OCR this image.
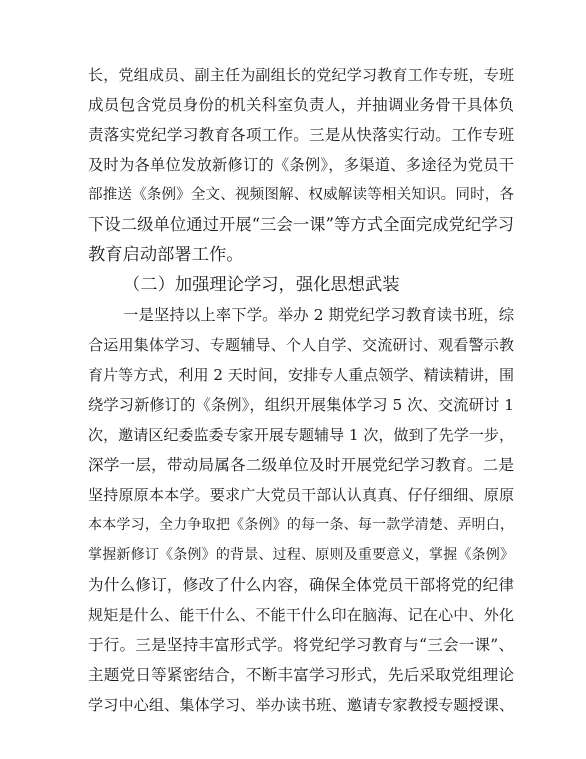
长，党组成员、副主任为副组长的党纪学习教育工作专班，专班
成员包含党员身份的机关科室负责人，并抽调业务骨干具体负
责落实党纪学习教育各项工作。三是从快落实行动。工作专班
及时为各单位发放新修订的《条例》，多渠道、多途径为党员干
部推送《条例》全文、视频图解、权威解读等相关知识。同时，各
下设二级单位通过开展“三会一课”等方式全面完成党纪学习
教育启动部署工作。
（二）加强理论学习，强化思想武装
一是坚持以上率下学。举办 2 期党纪学习教育读书班，综
合运用集体学习、专题辅导、个人自学、交流研讨、观看警示教
育片等方式，利用 2 天时间，安排专人重点领学、精读精讲，围
绕学习新修订的《条例》，组织开展集体学习 5 次、交流研讨 1
次，邀请区纪委监委专家开展专题辅导 1 次，做到了先学一步，
深学一层，带动局属各二级单位及时开展党纪学习教育。二是
坚持原原本本学。要求广大党员干部认认真真、仔仔细细、原原
本本学习，全力争取把《条例》的每一条、每一款学清楚、弄明白，
掌握新修订《条例》的背景、过程、原则及重要意义，掌握《条例》
为什么修订，修改了什么内容，确保全体党员干部将党的纪律
规矩是什么、能干什么、不能干什么印在脑海、记在心中、外化
于行。三是坚持丰富形式学。将党纪学习教育与“三会一课”、
主题党日等紧密结合，不断丰富学习形式，先后采取党组理论
学习中心组、集体学习、举办读书班、邀请专家教授专题授课、
